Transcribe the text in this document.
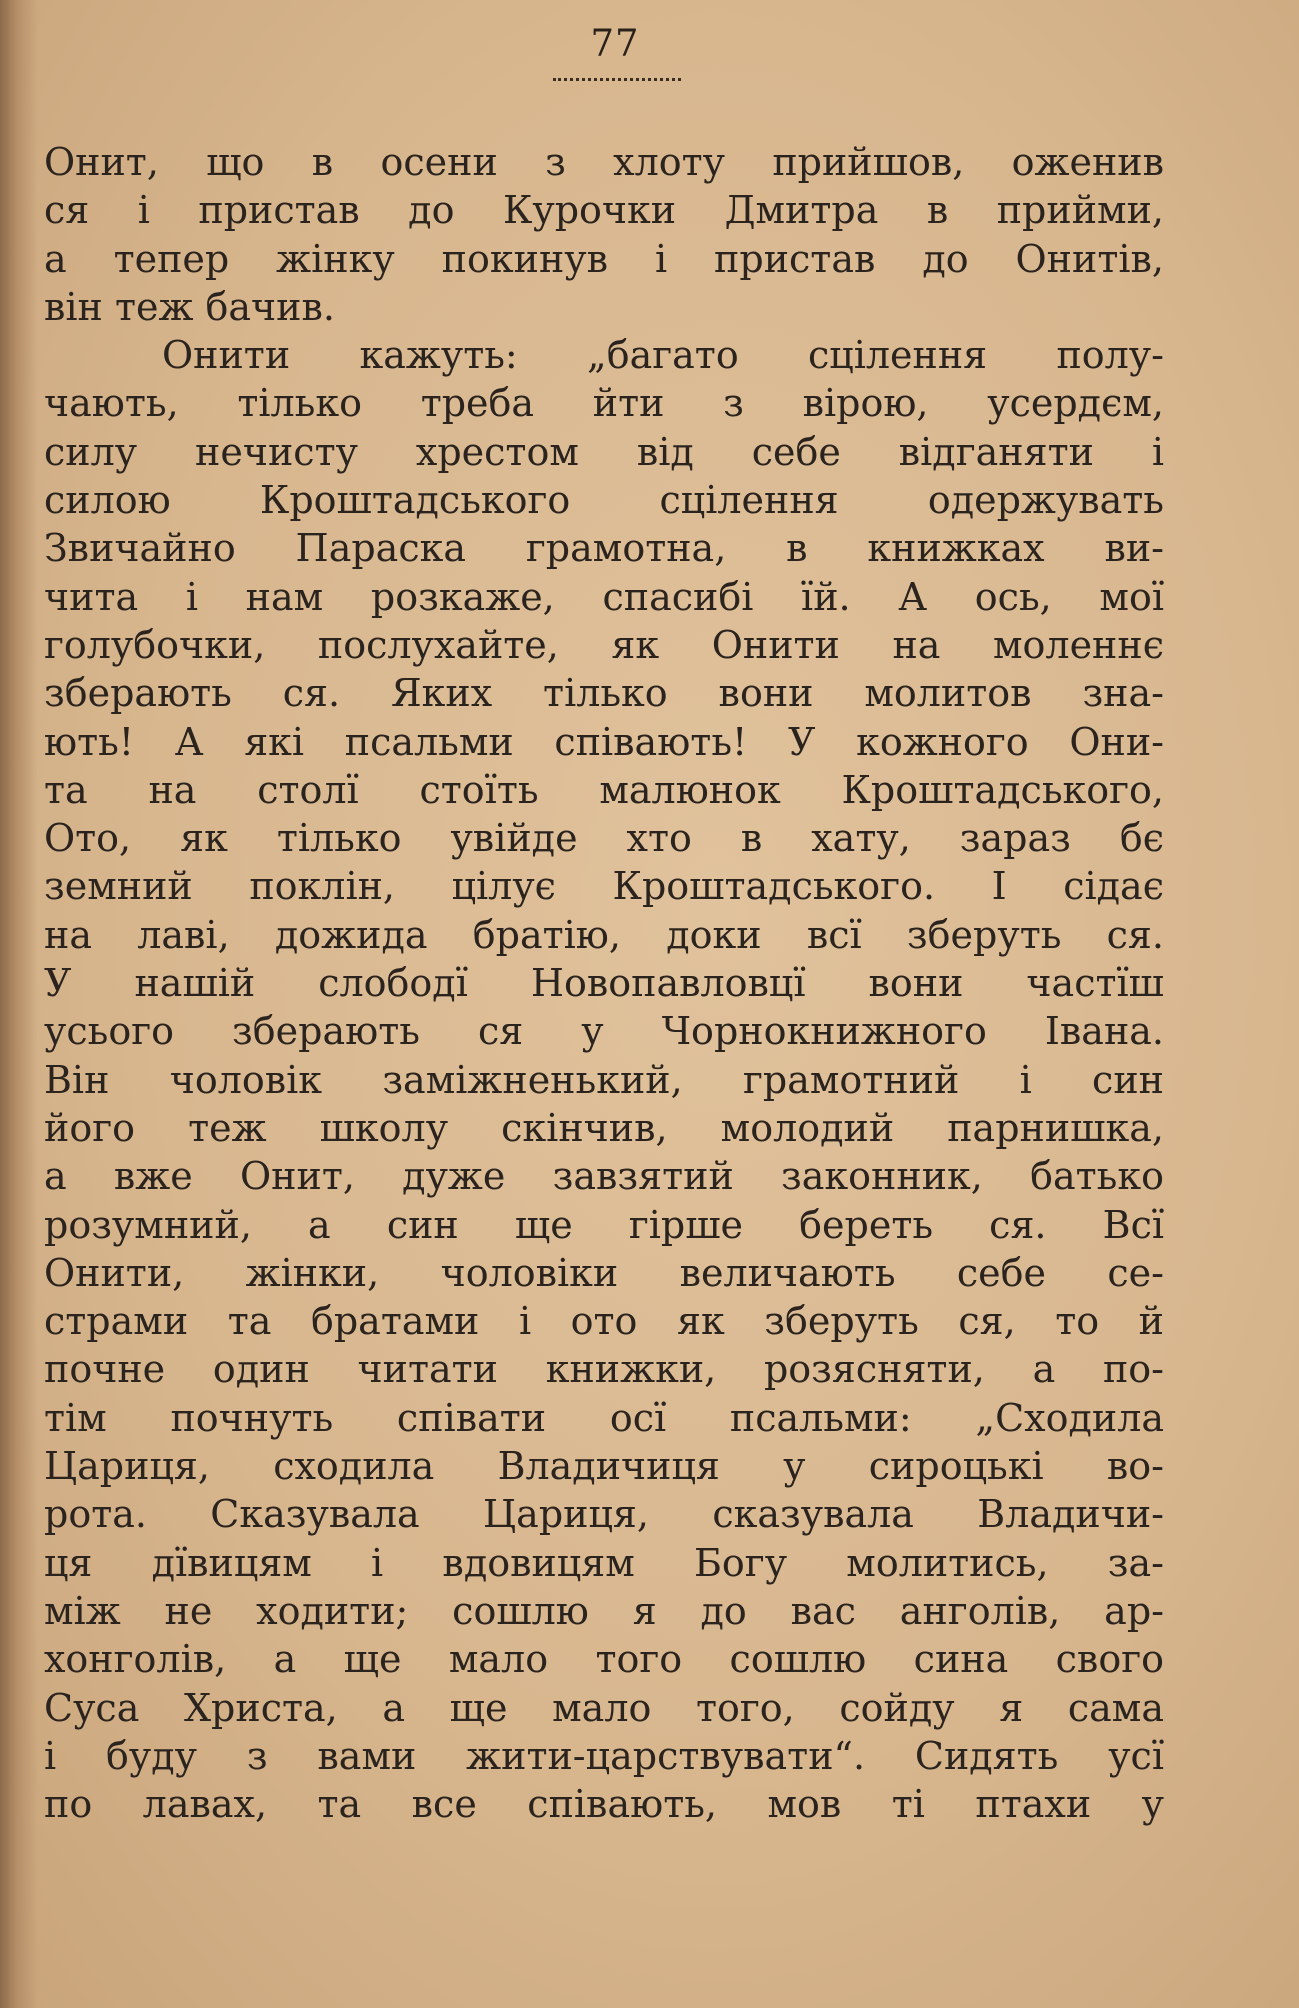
77
Онит, що в осени з хлоту прийшов, оженив
ся і пристав до Курочки Дмитра в прийми,
а тепер жінку покинув і пристав до Онитів,
він теж бачив.
Онити кажуть: „багато сцілення полу-
чають, тілько треба йти з вірою, усердєм,
силу нечисту хрестом від себе відганяти і
силою Кроштадського сцілення одержувать
Звичайно Параска грамотна, в книжках ви-
чита і нам розкаже, спасибі їй. А ось, мої
голубочки, послухайте, як Онити на моленнє
зберають ся. Яких тілько вони молитов зна-
ють! А які псальми співають! У кожного Они-
та на столї стоїть малюнок Кроштадського,
Ото, як тілько увійде хто в хату, зараз бє
земний поклін, цілує Кроштадського. І сідає
на лаві, дожида братію, доки всї зберуть ся.
У нашій слободї Новопавловцї вони частїш
усього зберають ся у Чорнокнижного Івана.
Він чоловік заміжненький, грамотний і син
його теж школу скінчив, молодий парнишка,
а вже Онит, дуже завзятий законник, батько
розумний, а син ще гірше береть ся. Всї
Онити, жінки, чоловіки величають себе се-
страми та братами і ото як зберуть ся, то й
почне один читати книжки, розясняти, а по-
тім почнуть співати осї псальми: „Сходила
Цариця, сходила Владичиця у сироцькі во-
рота. Сказувала Цариця, сказувала Владичи-
ця дївицям і вдовицям Богу молитись, за-
між не ходити; сошлю я до вас анголів, ар-
хонголів, а ще мало того сошлю сина свого
Суса Христа, а ще мало того, сойду я сама
і буду з вами жити-царствувати“. Сидять усї
по лавах, та все співають, мов ті птахи у
